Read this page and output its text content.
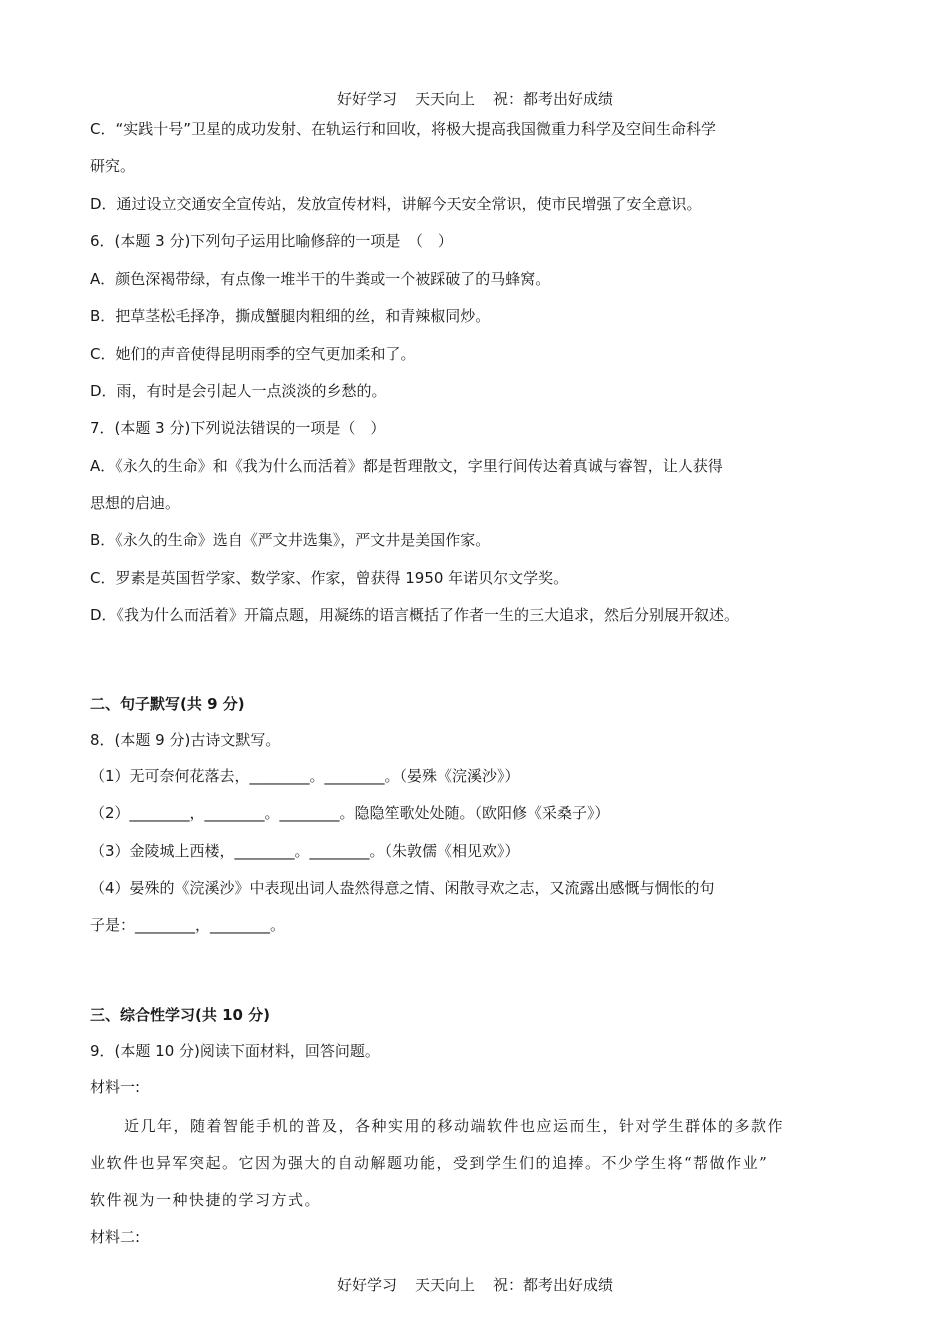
好好学习 天天向上 祝：都考出好成绩
C．“实践十号”卫星的成功发射、在轨运行和回收，将极大提高我国微重力科学及空间生命科学
研究。
D．通过设立交通安全宣传站，发放宣传材料，讲解今天安全常识，使市民增强了安全意识。
6．(本题 3 分)下列句子运用比喻修辞的一项是　（　）
A．颜色深褐带绿，有点像一堆半干的牛粪或一个被踩破了的马蜂窝。
B．把草茎松毛择净，撕成蟹腿肉粗细的丝，和青辣椒同炒。
C．她们的声音使得昆明雨季的空气更加柔和了。
D．雨，有时是会引起人一点淡淡的乡愁的。
7．(本题 3 分)下列说法错误的一项是（　）
A．《永久的生命》和《我为什么而活着》都是哲理散文，字里行间传达着真诚与睿智，让人获得
思想的启迪。
B．《永久的生命》选自《严文井选集》，严文井是美国作家。
C．罗素是英国哲学家、数学家、作家，曾获得 1950 年诺贝尔文学奖。
D．《我为什么而活着》开篇点题，用凝练的语言概括了作者一生的三大追求，然后分别展开叙述。
二、句子默写(共 9 分)
8．(本题 9 分)古诗文默写。
（1）无可奈何花落去，________。________。（晏殊《浣溪沙》）
（2）________，________。________。隐隐笙歌处处随。（欧阳修《采桑子》）
（3）金陵城上西楼，________。________。（朱敦儒《相见欢》）
（4）晏殊的《浣溪沙》中表现出词人盎然得意之情、闲散寻欢之志，又流露出感慨与惆怅的句
子是：________，________。
三、综合性学习(共 10 分)
9．(本题 10 分)阅读下面材料，回答问题。
材料一:
近几年，随着智能手机的普及，各种实用的移动端软件也应运而生，针对学生群体的多款作
业软件也异军突起。它因为强大的自动解题功能，受到学生们的追捧。不少学生将“帮做作业”
软件视为一种快捷的学习方式。
材料二:
好好学习 天天向上 祝：都考出好成绩
